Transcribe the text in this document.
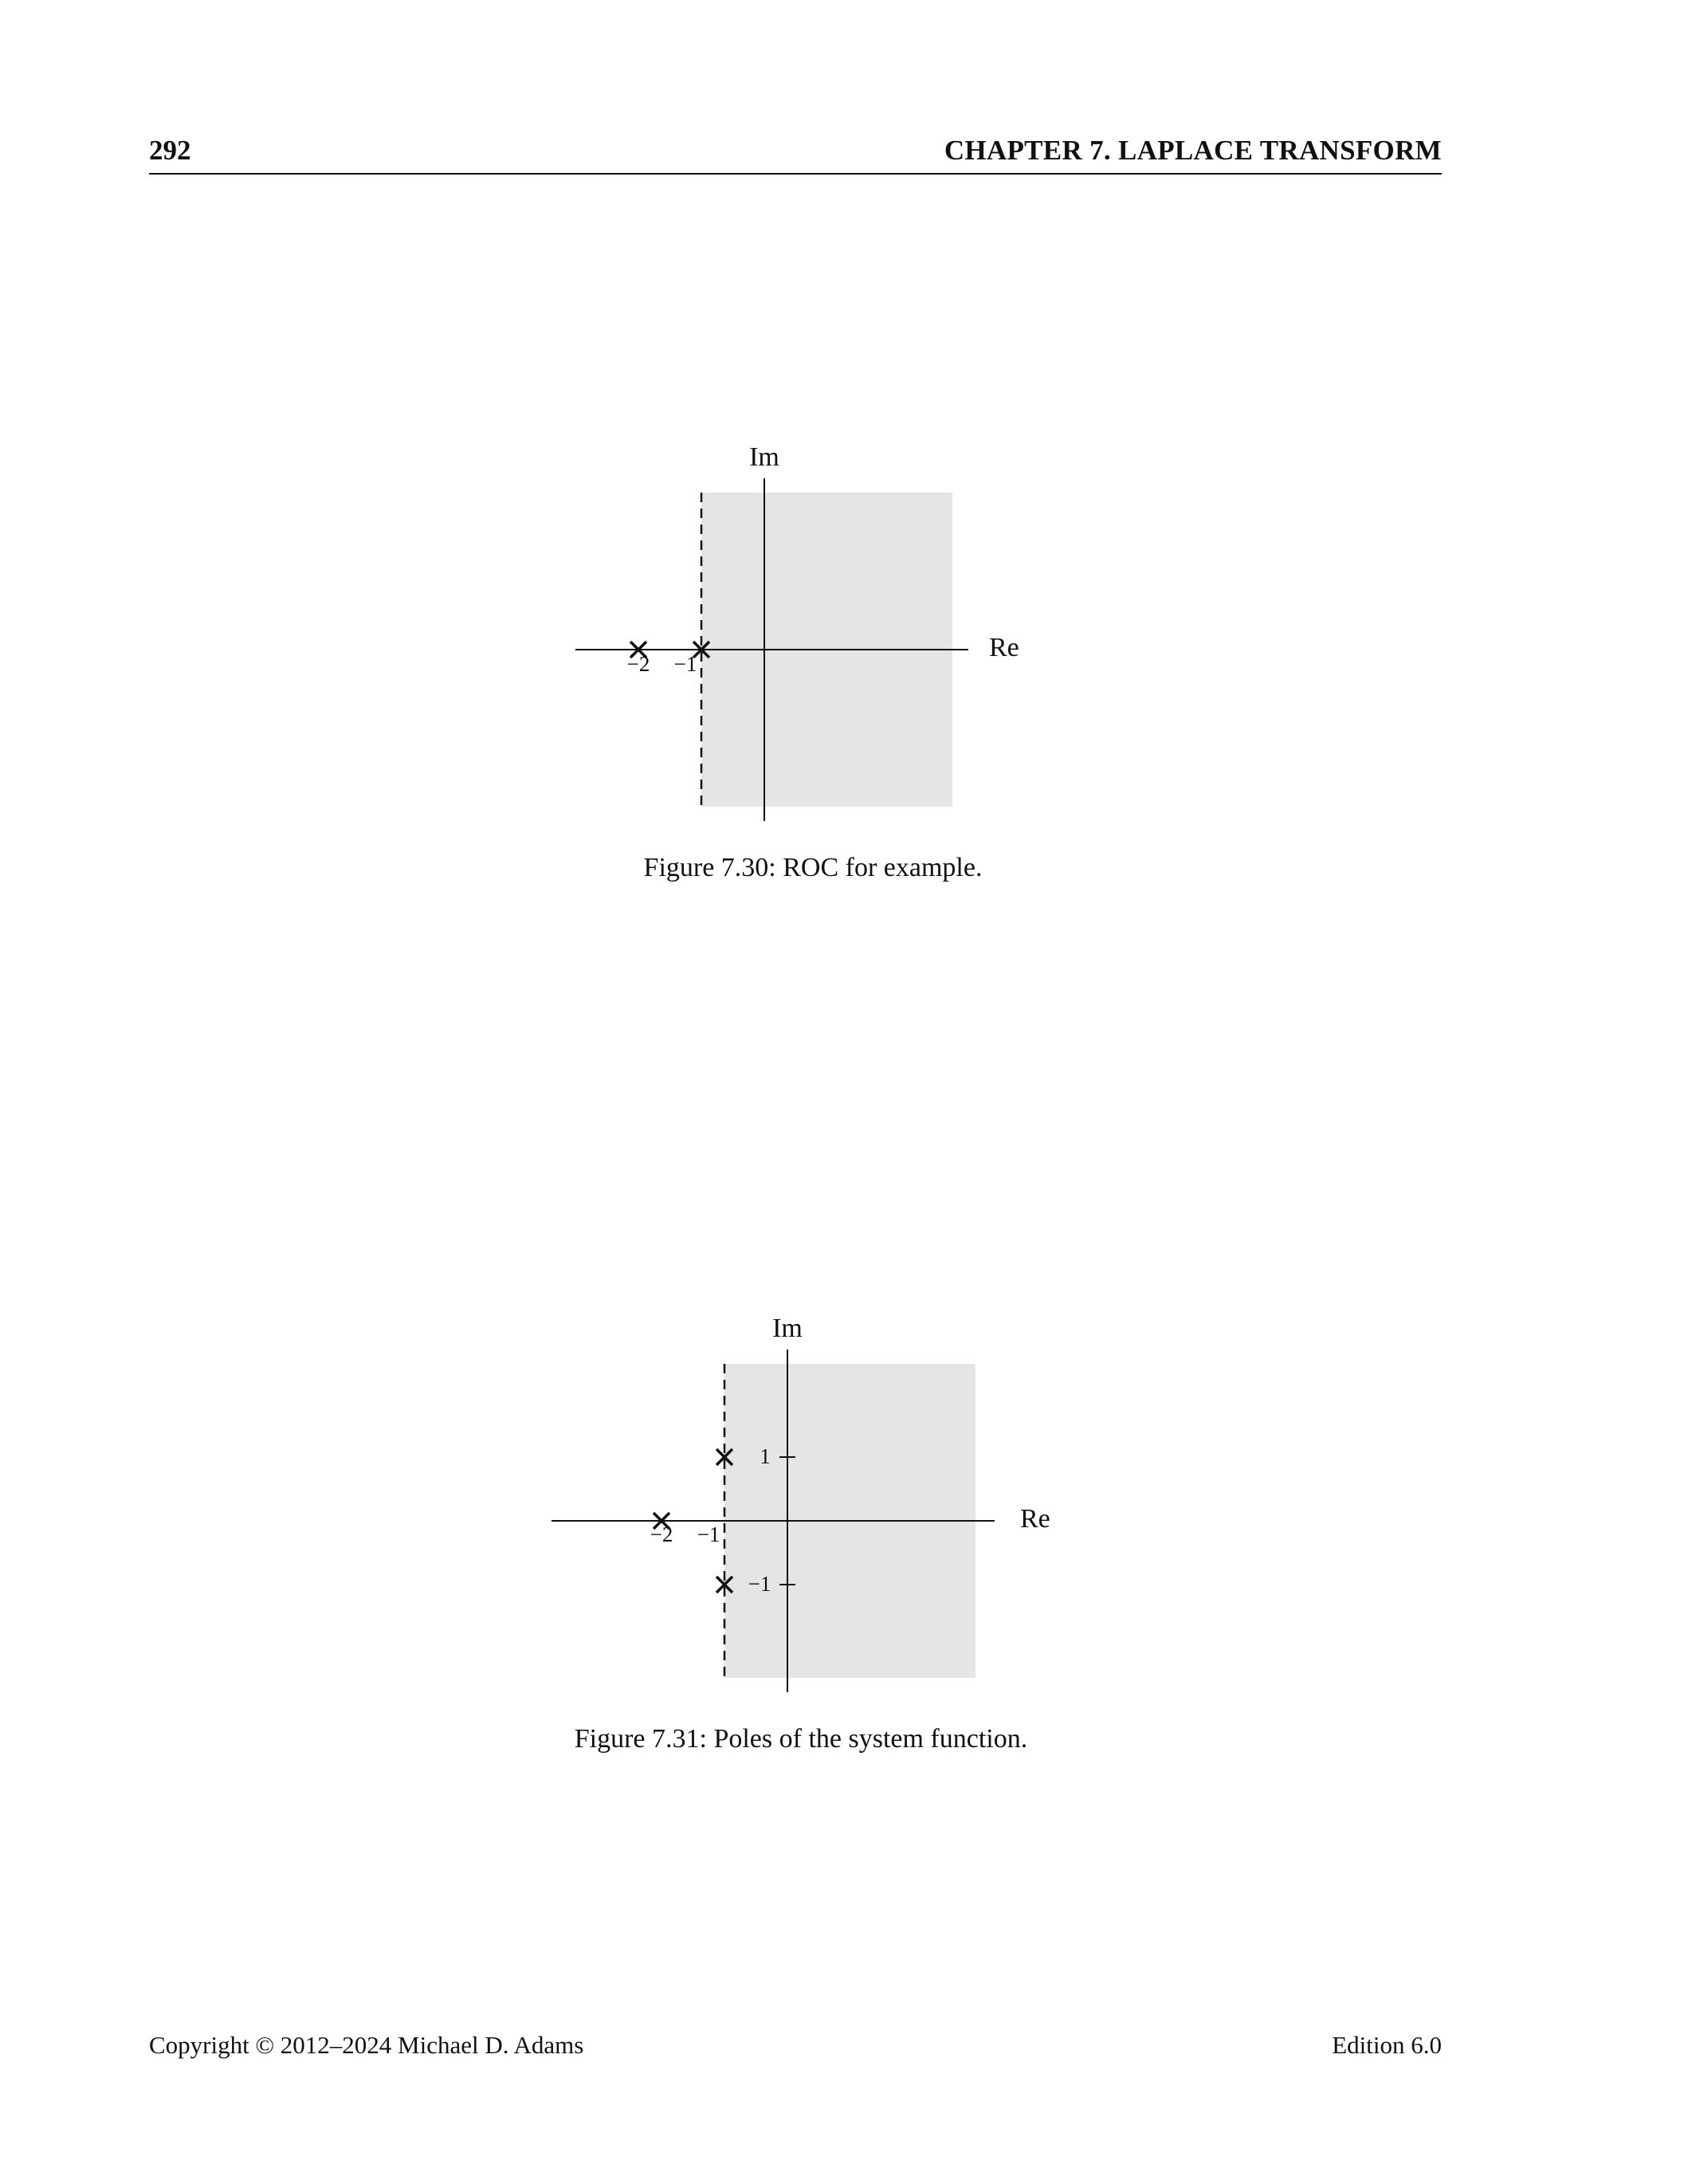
292	CHAPTER 7. LAPLACE TRANSFORM
Im
Re
−2 −1
Figure 7.30: ROC for example.
Im
Re
−2 −1
1
−1
Figure 7.31: Poles of the system function.
Copyright © 2012–2024 Michael D. Adams	Edition 6.0
